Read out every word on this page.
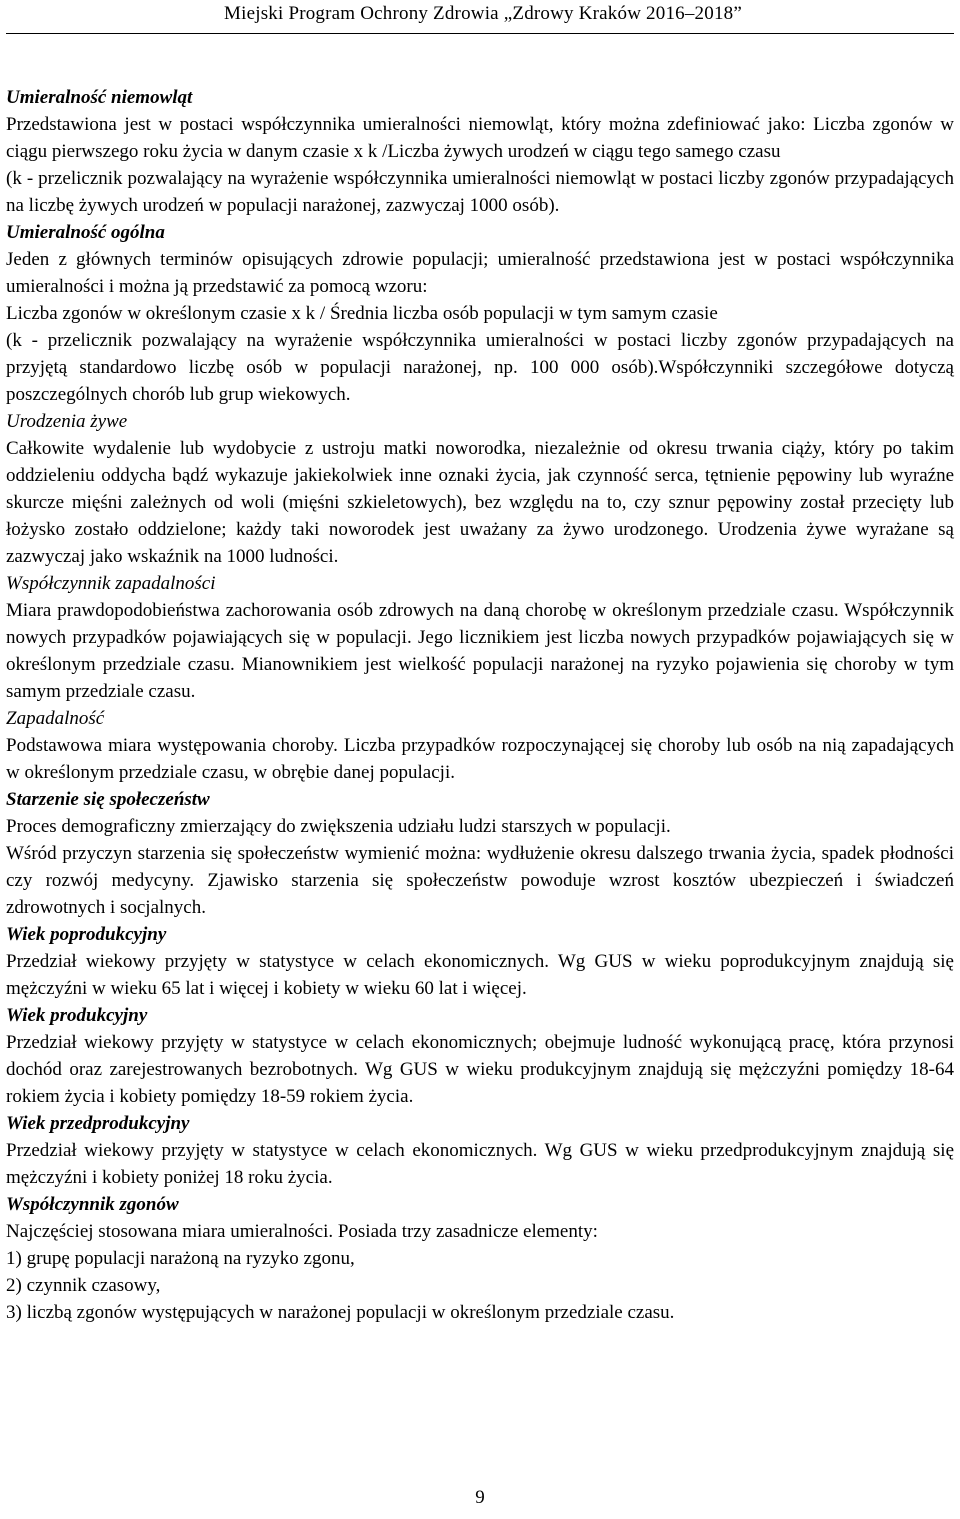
Miejski Program Ochrony Zdrowia „Zdrowy Kraków 2016–2018”

Umieralność niemowląt

Przedstawiona jest w postaci współczynnika umieralności niemowląt, który można zdefiniować jako: Liczba zgonów w ciągu pierwszego roku życia w danym czasie x k /Liczba żywych urodzeń w ciągu tego samego czasu

(k - przelicznik pozwalający na wyrażenie współczynnika umieralności niemowląt w postaci liczby zgonów przypadających na liczbę żywych urodzeń w populacji narażonej, zazwyczaj 1000 osób).

Umieralność ogólna

Jeden z głównych terminów opisujących zdrowie populacji; umieralność przedstawiona jest w postaci współczynnika umieralności i można ją przedstawić za pomocą wzoru:

Liczba zgonów w określonym czasie x k / Średnia liczba osób populacji w tym samym czasie

(k - przelicznik pozwalający na wyrażenie współczynnika umieralności w postaci liczby zgonów przypadających na przyjętą standardowo liczbę osób w populacji narażonej, np. 100 000 osób).Współczynniki szczegółowe dotyczą poszczególnych chorób lub grup wiekowych.

Urodzenia żywe

Całkowite wydalenie lub wydobycie z ustroju matki noworodka, niezależnie od okresu trwania ciąży, który po takim oddzieleniu oddycha bądź wykazuje jakiekolwiek inne oznaki życia, jak czynność serca, tętnienie pępowiny lub wyraźne skurcze mięśni zależnych od woli (mięśni szkieletowych), bez względu na to, czy sznur pępowiny został przecięty lub łożysko zostało oddzielone; każdy taki noworodek jest uważany za żywo urodzonego. Urodzenia żywe wyrażane są zazwyczaj jako wskaźnik na 1000 ludności.

Współczynnik zapadalności

Miara prawdopodobieństwa zachorowania osób zdrowych na daną chorobę w określonym przedziale czasu. Współczynnik nowych przypadków pojawiających się w populacji. Jego licznikiem jest liczba nowych przypadków pojawiających się w określonym przedziale czasu. Mianownikiem jest wielkość populacji narażonej na ryzyko pojawienia się choroby w tym samym przedziale czasu.

Zapadalność

Podstawowa miara występowania choroby. Liczba przypadków rozpoczynającej się choroby lub osób na nią zapadających w określonym przedziale czasu, w obrębie danej populacji.

Starzenie się społeczeństw

Proces demograficzny zmierzający do zwiększenia udziału ludzi starszych w populacji.

Wśród przyczyn starzenia się społeczeństw wymienić można: wydłużenie okresu dalszego trwania życia, spadek płodności czy rozwój medycyny. Zjawisko starzenia się społeczeństw powoduje wzrost kosztów ubezpieczeń i świadczeń zdrowotnych i socjalnych.

Wiek poprodukcyjny

Przedział wiekowy przyjęty w statystyce w celach ekonomicznych. Wg GUS w wieku poprodukcyjnym znajdują się mężczyźni w wieku 65 lat i więcej i kobiety w wieku 60 lat i więcej.

Wiek produkcyjny

Przedział wiekowy przyjęty w statystyce w celach ekonomicznych; obejmuje ludność wykonującą pracę, która przynosi dochód oraz zarejestrowanych bezrobotnych. Wg GUS w wieku produkcyjnym znajdują się mężczyźni pomiędzy 18-64 rokiem życia i kobiety pomiędzy 18-59 rokiem życia.

Wiek przedprodukcyjny

Przedział wiekowy przyjęty w statystyce w celach ekonomicznych. Wg GUS w wieku przedprodukcyjnym znajdują się mężczyźni i kobiety poniżej 18 roku życia.

Współczynnik zgonów

Najczęściej stosowana miara umieralności. Posiada trzy zasadnicze elementy:

1) grupę populacji narażoną na ryzyko zgonu,

2) czynnik czasowy,

3) liczbą zgonów występujących w narażonej populacji w określonym przedziale czasu.

9
